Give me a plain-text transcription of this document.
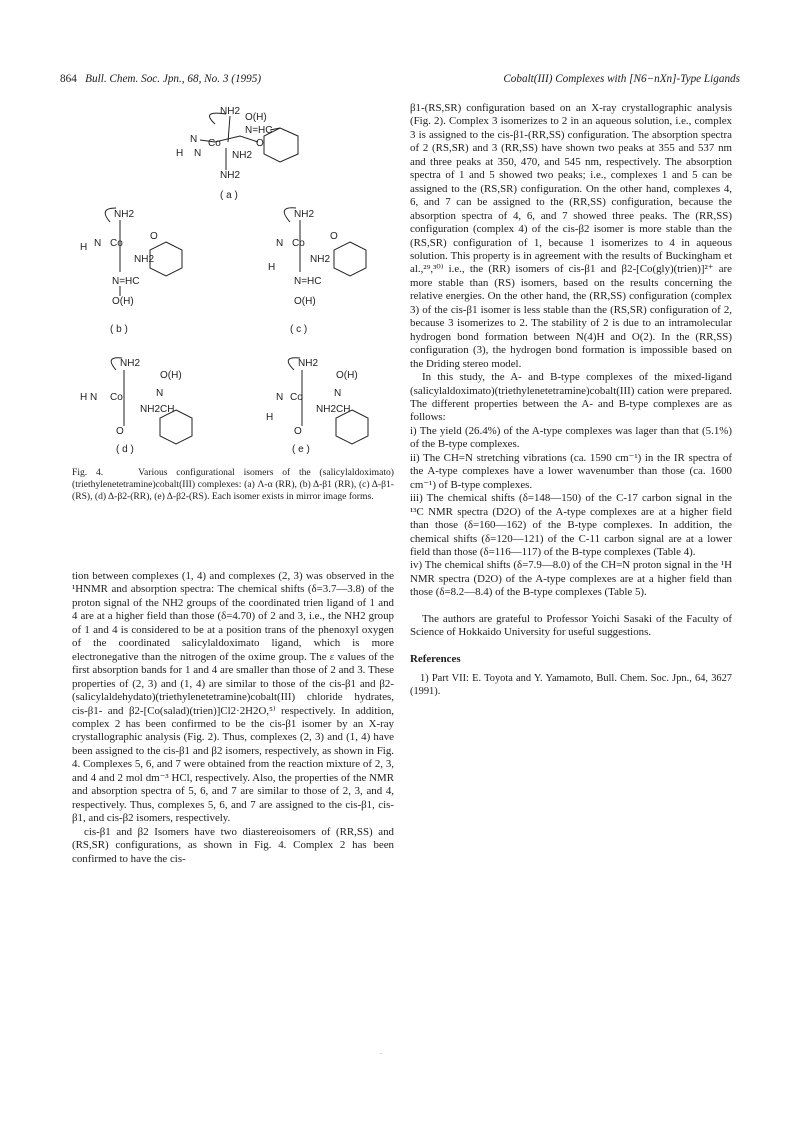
864 Bull. Chem. Soc. Jpn., 68, No. 3 (1995)	Cobalt(III) Complexes with [N6−nXn]-Type Ligands
NH2
O(H)
Co
N
H N	NH2
O
N=HC
NH2
( a )
NH2
H N Co
O
NH2
N=HC
O(H)
( b )
NH2
N Co
O
NH2
H
N=HC
O(H)
( c )
NH2
O(H)
H N Co	N
NH2CH
O
( d )
NH2
O(H)
N Co	N
NH2CH
H
O
( e )

Fig. 4.	Various configurational isomers of the (salicylaldoximato)(triethylenetetramine)cobalt(III) complexes: (a) Λ-α (RR), (b) Δ-β1 (RR), (c) Δ-β1-(RS), (d) Δ-β2-(RR), (e) Δ-β2-(RS). Each isomer exists in mirror image forms.

tion between complexes (1, 4) and complexes (2, 3) was observed in the ¹HNMR and absorption spectra: The chemical shifts (δ=3.7—3.8) of the proton signal of the NH2 groups of the coordinated trien ligand of 1 and 4 are at a higher field than those (δ=4.70) of 2 and 3, i.e., the NH2 group of 1 and 4 is considered to be at a position trans of the phenoxyl oxygen of the coordinated salicylaldoximato ligand, which is more electronegative than the nitrogen of the oxime group. The ε values of the first absorption bands for 1 and 4 are smaller than those of 2 and 3. These properties of (2, 3) and (1, 4) are similar to those of the cis-β1 and β2-(salicylaldehydato)(triethylenetetramine)cobalt(III) chloride hydrates, cis-β1- and β2-[Co(salad)(trien)]Cl2·2H2O,⁵⁾ respectively. In addition, complex 2 has been confirmed to be the cis-β1 isomer by an X-ray crystallographic analysis (Fig. 2). Thus, complexes (2, 3) and (1, 4) have been assigned to the cis-β1 and β2 isomers, respectively, as shown in Fig. 4. Complexes 5, 6, and 7 were obtained from the reaction mixture of 2, 3, and 4 and 2 mol dm⁻³ HCl, respectively. Also, the properties of the NMR and absorption spectra of 5, 6, and 7 are similar to those of 2, 3, and 4, respectively. Thus, complexes 5, 6, and 7 are assigned to the cis-β1, cis-β1, and cis-β2 isomers, respectively.

cis-β1 and β2 Isomers have two diastereoisomers of (RR,SS) and (RS,SR) configurations, as shown in Fig. 4. Complex 2 has been confirmed to have the cis-

β1-(RS,SR) configuration based on an X-ray crystallographic analysis (Fig. 2). Complex 3 isomerizes to 2 in an aqueous solution, i.e., complex 3 is assigned to the cis-β1-(RR,SS) configuration. The absorption spectra of 2 (RS,SR) and 3 (RR,SS) have shown two peaks at 355 and 537 nm and three peaks at 350, 470, and 545 nm, respectively. The absorption spectra of 1 and 5 showed two peaks; i.e., complexes 1 and 5 can be assigned to the (RS,SR) configuration. On the other hand, complexes 4, 6, and 7 can be assigned to the (RR,SS) configuration, because the absorption spectra of 4, 6, and 7 showed three peaks. The (RR,SS) configuration (complex 4) of the cis-β2 isomer is more stable than the (RS,SR) configuration of 1, because 1 isomerizes to 4 in aqueous solution. This property is in agreement with the results of Buckingham et al.,²⁹,³⁰⁾ i.e., the (RR) isomers of cis-β1 and β2-[Co(gly)(trien)]²⁺ are more stable than (RS) isomers, based on the results concerning the relative energies. On the other hand, the (RR,SS) configuration (complex 3) of the cis-β1 isomer is less stable than the (RS,SR) configuration of 2, because 3 isomerizes to 2. The stability of 2 is due to an intramolecular hydrogen bond formation between N(4)H and O(2). In the (RR,SS) configuration (3), the hydrogen bond formation is impossible based on the Driding stereo model.

In this study, the A- and B-type complexes of the mixed-ligand (salicylaldoximato)(triethylenetetramine)cobalt(III) cation were prepared. The different properties between the A- and B-type complexes are as follows:

i) The yield (26.4%) of the A-type complexes was lager than that (5.1%) of the B-type complexes.

ii) The CH=N stretching vibrations (ca. 1590 cm⁻¹) in the IR spectra of the A-type complexes have a lower wavenumber than those (ca. 1600 cm⁻¹) of B-type complexes.

iii) The chemical shifts (δ=148—150) of the C-17 carbon signal in the ¹³C NMR spectra (D2O) of the A-type complexes are at a higher field than those (δ=160—162) of the B-type complexes. In addition, the chemical shifts (δ=120—121) of the C-11 carbon signal are at a lower field than those (δ=116—117) of the B-type complexes (Table 4).

iv) The chemical shifts (δ=7.9—8.0) of the CH=N proton signal in the ¹H NMR spectra (D2O) of the A-type complexes are at a higher field than those (δ=8.2—8.4) of the B-type complexes (Table 5).

The authors are grateful to Professor Yoichi Sasaki of the Faculty of Science of Hokkaido University for useful suggestions.

References

1) Part VII: E. Toyota and Y. Yamamoto, Bull. Chem. Soc. Jpn., 64, 3627 (1991).

.
